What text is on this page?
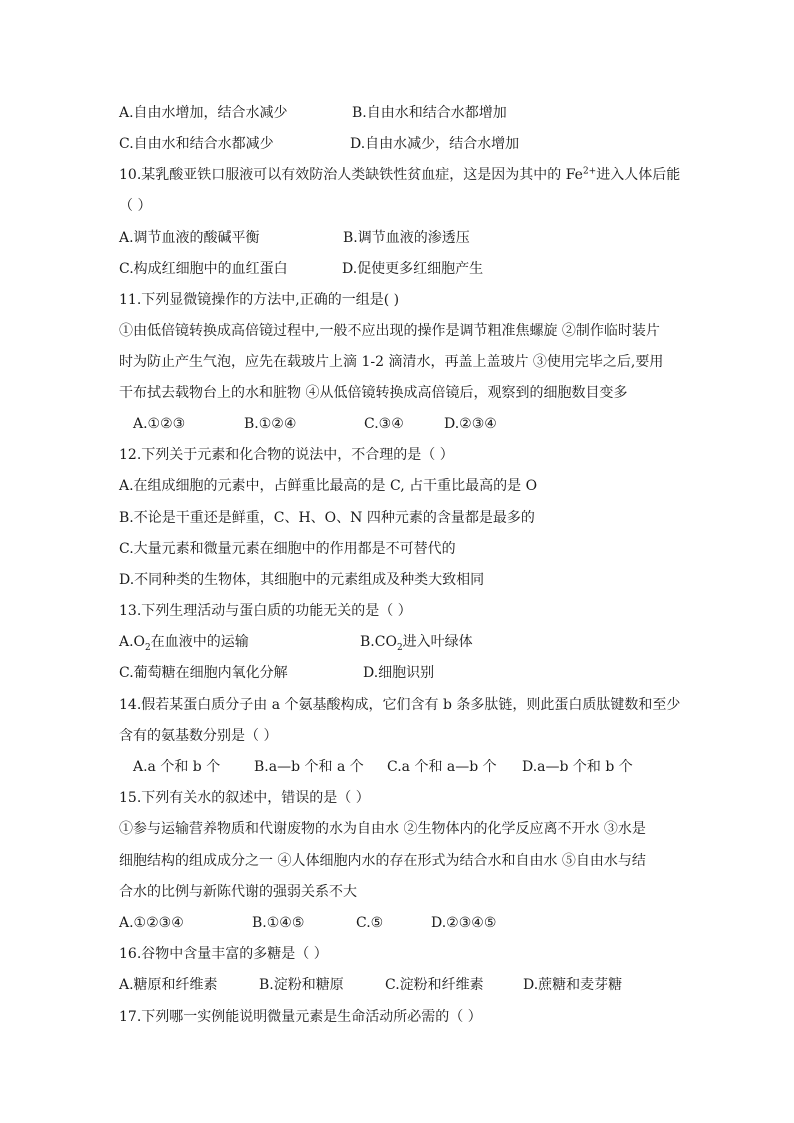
A.自由水增加，结合水减少	B.自由水和结合水都增加
C.自由水和结合水都减少	D.自由水减少，结合水增加
10.某乳酸亚铁口服液可以有效防治人类缺铁性贫血症，这是因为其中的 $Fe^{2+}$进入人体后能
（ ）
A.调节血液的酸碱平衡	B.调节血液的渗透压
C.构成红细胞中的血红蛋白	D.促使更多红细胞产生
11.下列显微镜操作的方法中,正确的一组是( )
①由低倍镜转换成高倍镜过程中,一般不应出现的操作是调节粗准焦螺旋 ②制作临时装片
时为防止产生气泡，应先在载玻片上滴 1-2 滴清水，再盖上盖玻片 ③使用完毕之后,要用
干布拭去载物台上的水和脏物 ④从低倍镜转换成高倍镜后，观察到的细胞数目变多
A.①②③	B.①②④	C.③④	D.②③④
12.下列关于元素和化合物的说法中，不合理的是（ ）
A.在组成细胞的元素中，占鲜重比最高的是 C, 占干重比最高的是 O
B.不论是干重还是鲜重，C、H、O、N 四种元素的含量都是最多的
C.大量元素和微量元素在细胞中的作用都是不可替代的
D.不同种类的生物体，其细胞中的元素组成及种类大致相同
13.下列生理活动与蛋白质的功能无关的是（ ）
$A.O_2$在血液中的运输	$B.CO_2$进入叶绿体
C.葡萄糖在细胞内氧化分解	D.细胞识别
14.假若某蛋白质分子由 a 个氨基酸构成，它们含有 b 条多肽链，则此蛋白质肽键数和至少
含有的氨基数分别是（ ）
A.a 个和 b 个 B.a—b 个和 a 个 C.a 个和 a—b 个 D.a—b 个和 b 个
15.下列有关水的叙述中，错误的是（ ）
①参与运输营养物质和代谢废物的水为自由水 ②生物体内的化学反应离不开水 ③水是
细胞结构的组成成分之一 ④人体细胞内水的存在形式为结合水和自由水 ⑤自由水与结
合水的比例与新陈代谢的强弱关系不大
A.①②③④	B.①④⑤	C.⑤	D.②③④⑤
16.谷物中含量丰富的多糖是（ ）
A.糖原和纤维素	B.淀粉和糖原	C.淀粉和纤维素	D.蔗糖和麦芽糖
17.下列哪一实例能说明微量元素是生命活动所必需的（ ）
